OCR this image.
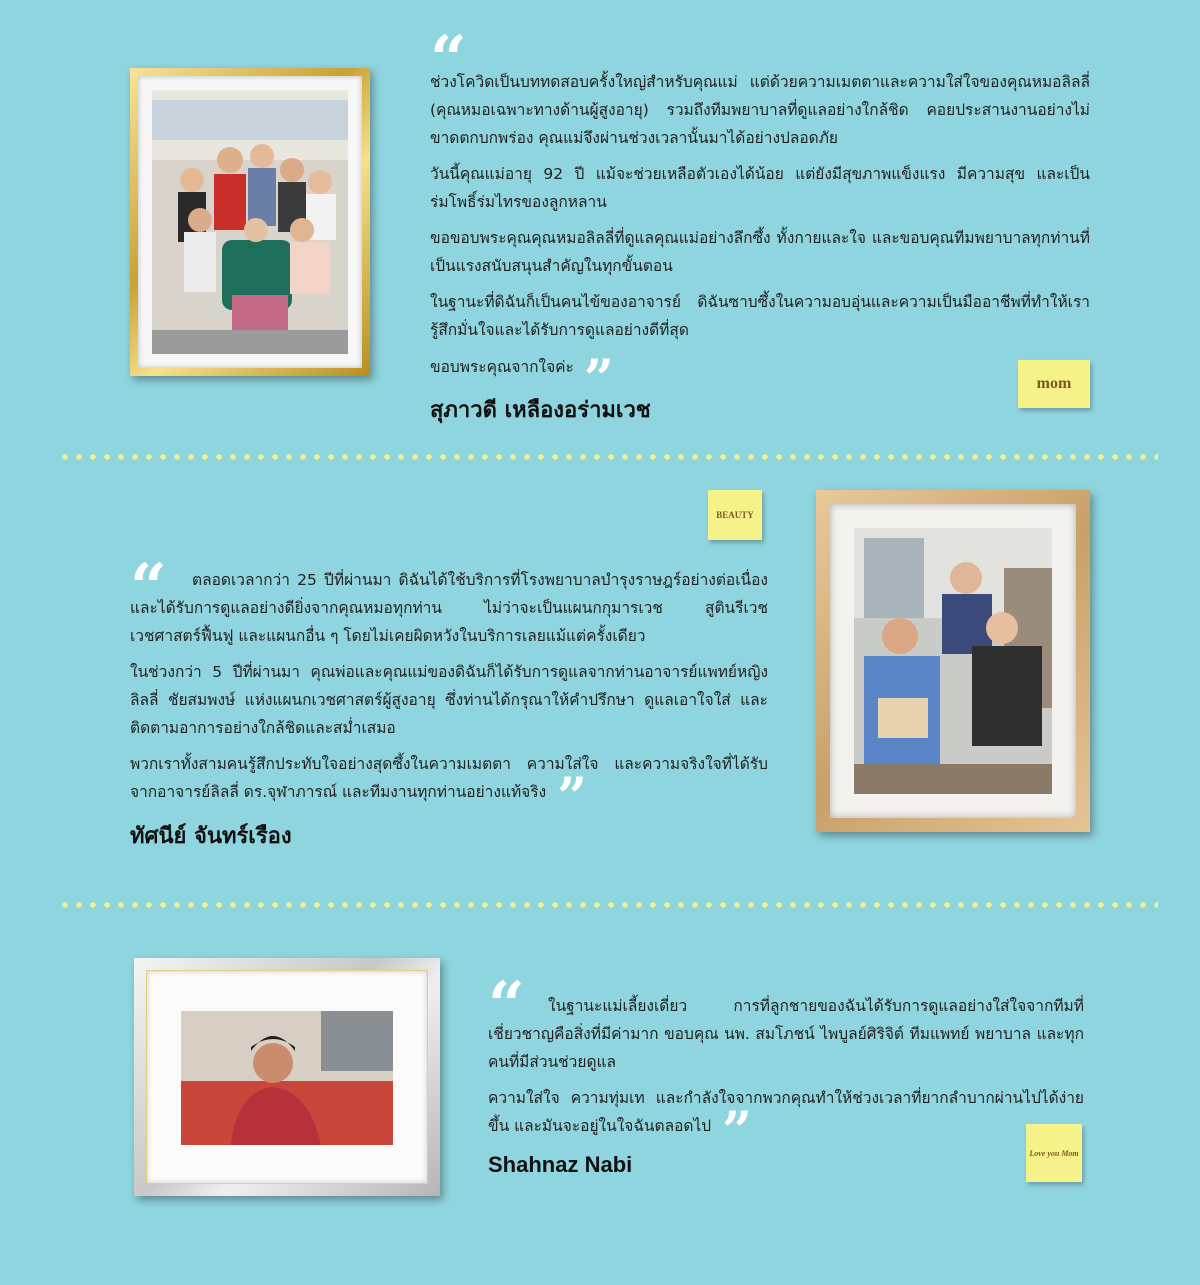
“

ช่วงโควิดเป็นบททดสอบครั้งใหญ่สำหรับคุณแม่ แต่ด้วยความเมตตาและความใส่ใจของคุณหมอลิลลี่ (คุณหมอเฉพาะทางด้านผู้สูงอายุ) รวมถึงทีมพยาบาลที่ดูแลอย่างใกล้ชิด คอยประสานงานอย่างไม่ขาดตกบกพร่อง คุณแม่จึงผ่านช่วงเวลานั้นมาได้อย่างปลอดภัย

วันนี้คุณแม่อายุ 92 ปี แม้จะช่วยเหลือตัวเองได้น้อย แต่ยังมีสุขภาพแข็งแรง มีความสุข และเป็นร่มโพธิ์ร่มไทรของลูกหลาน

ขอขอบพระคุณคุณหมอลิลลี่ที่ดูแลคุณแม่อย่างลึกซึ้ง ทั้งกายและใจ และขอบคุณทีมพยาบาลทุกท่านที่เป็นแรงสนับสนุนสำคัญในทุกขั้นตอน

ในฐานะที่ดิฉันก็เป็นคนไข้ของอาจารย์ ดิฉันซาบซึ้งในความอบอุ่นและความเป็นมืออาชีพที่ทำให้เรารู้สึกมั่นใจและได้รับการดูแลอย่างดีที่สุด

ขอบพระคุณจากใจค่ะ ”

สุภาวดี เหลืองอร่ามเวช
mom
BEAUTY
“	ตลอดเวลากว่า 25 ปีที่ผ่านมา ดิฉันได้ใช้บริการที่โรงพยาบาลบำรุงราษฎร์อย่างต่อเนื่อง และได้รับการดูแลอย่างดียิ่งจากคุณหมอทุกท่าน ไม่ว่าจะเป็นแผนกกุมารเวช สูตินรีเวช เวชศาสตร์ฟื้นฟู และแผนกอื่น ๆ โดยไม่เคยผิดหวังในบริการเลยแม้แต่ครั้งเดียว

ในช่วงกว่า 5 ปีที่ผ่านมา คุณพ่อและคุณแม่ของดิฉันก็ได้รับการดูแลจากท่านอาจารย์แพทย์หญิงลิลลี่ ชัยสมพงษ์ แห่งแผนกเวชศาสตร์ผู้สูงอายุ ซึ่งท่านได้กรุณาให้คำปรึกษา ดูแลเอาใจใส่ และติดตามอาการอย่างใกล้ชิดและสม่ำเสมอ

พวกเราทั้งสามคนรู้สึกประทับใจอย่างสุดซึ้งในความเมตตา ความใส่ใจ และความจริงใจที่ได้รับจากอาจารย์ลิลลี่ ดร.จุฬาภารณ์ และทีมงานทุกท่านอย่างแท้จริง ”

ทัศนีย์ จันทร์เรือง
“	ในฐานะแม่เลี้ยงเดี่ยว การที่ลูกชายของฉันได้รับการดูแลอย่างใส่ใจจากทีมที่เชี่ยวชาญคือสิ่งที่มีค่ามาก ขอบคุณ นพ. สมโภชน์ ไพบูลย์ศิริจิต์ ทีมแพทย์ พยาบาล และทุกคนที่มีส่วนช่วยดูแล

ความใส่ใจ ความทุ่มเท และกำลังใจจากพวกคุณทำให้ช่วงเวลาที่ยากลำบากผ่านไปได้ง่ายขึ้น และมันจะอยู่ในใจฉันตลอดไป ”

Shahnaz Nabi	Love you Mom
